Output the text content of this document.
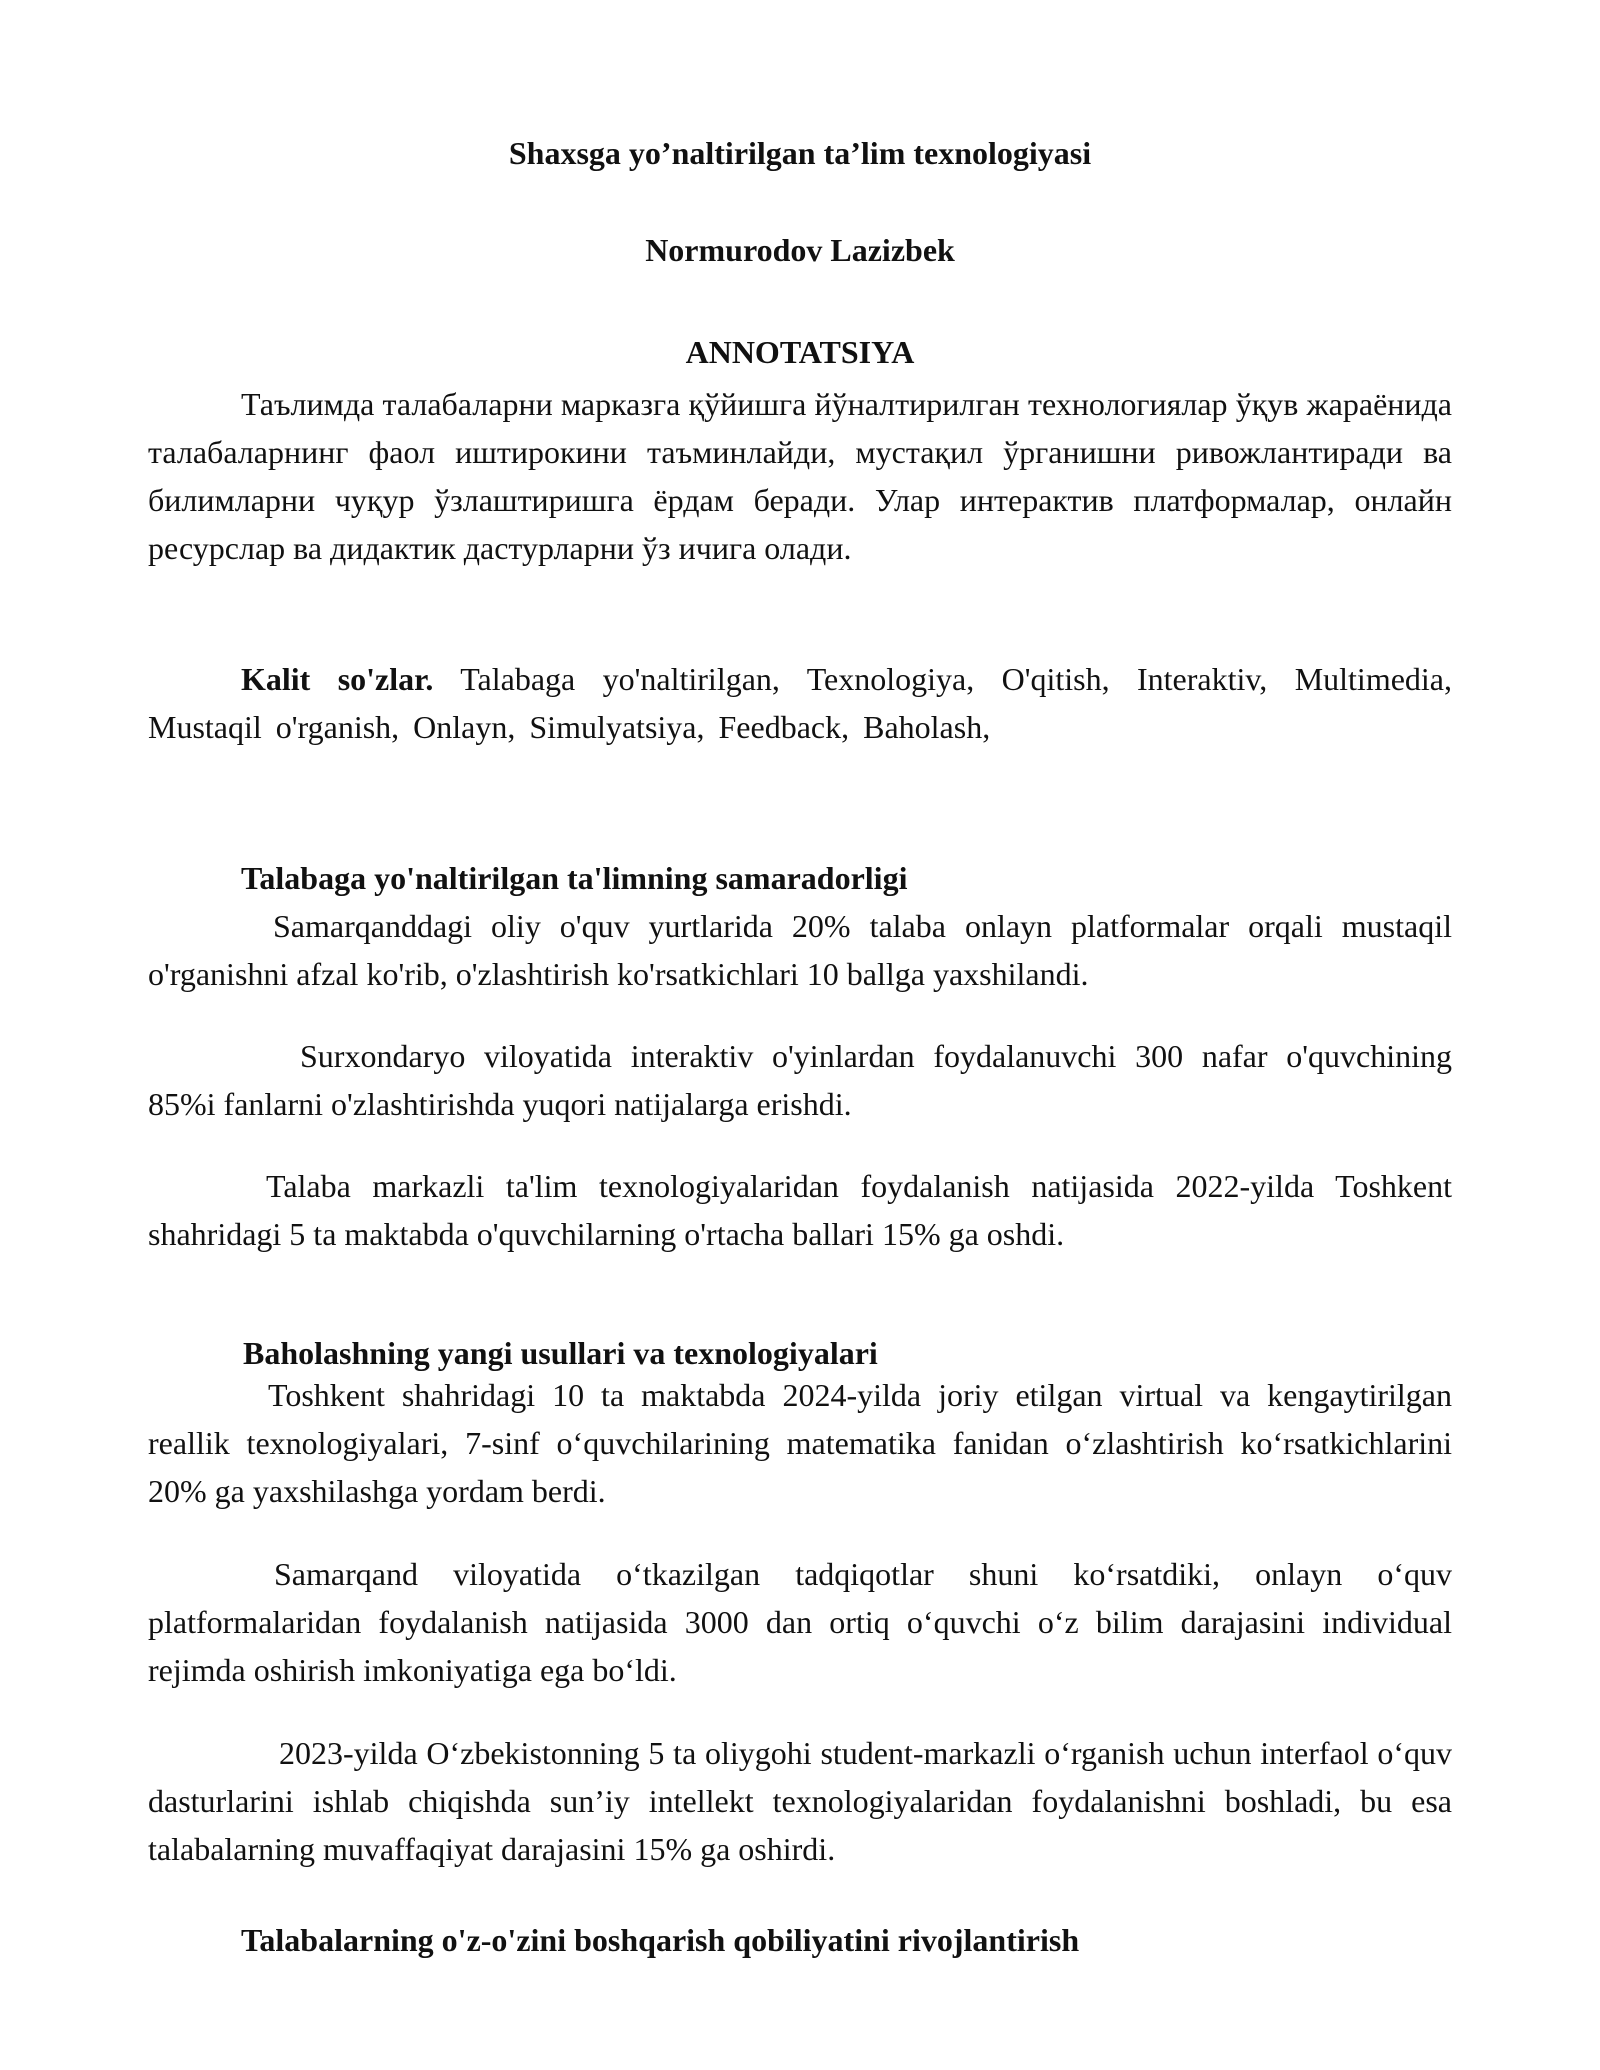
Shaxsga yo’naltirilgan ta’lim texnologiyasi
Normurodov Lazizbek
ANNOTATSIYA
Таълимда талабаларни марказга қўйишга йўналтирилган технологиялар ўқув жараёнида талабаларнинг фаол иштирокини таъминлайди, мустақил ўрганишни ривожлантиради ва билимларни чуқур ўзлаштиришга ёрдам беради. Улар интерактив платформалар, онлайн ресурслар ва дидактик дастурларни ўз ичига олади.
Kalit so'zlar. Talabaga yo'naltirilgan, Texnologiya, O'qitish, Interaktiv, Multimedia, Mustaqil o'rganish, Onlayn, Simulyatsiya, Feedback, Baholash,
Talabaga yo'naltirilgan ta'limning samaradorligi
Samarqanddagi oliy o'quv yurtlarida 20% talaba onlayn platformalar orqali mustaqil o'rganishni afzal ko'rib, o'zlashtirish ko'rsatkichlari 10 ballga yaxshilandi.
Surxondaryo viloyatida interaktiv o'yinlardan foydalanuvchi 300 nafar o'quvchining 85%i fanlarni o'zlashtirishda yuqori natijalarga erishdi.
Talaba markazli ta'lim texnologiyalaridan foydalanish natijasida 2022-yilda Toshkent shahridagi 5 ta maktabda o'quvchilarning o'rtacha ballari 15% ga oshdi.
Baholashning yangi usullari va texnologiyalari
Toshkent shahridagi 10 ta maktabda 2024-yilda joriy etilgan virtual va kengaytirilgan reallik texnologiyalari, 7-sinf o‘quvchilarining matematika fanidan o‘zlashtirish ko‘rsatkichlarini 20% ga yaxshilashga yordam berdi.
Samarqand viloyatida o‘tkazilgan tadqiqotlar shuni ko‘rsatdiki, onlayn o‘quv platformalaridan foydalanish natijasida 3000 dan ortiq o‘quvchi o‘z bilim darajasini individual rejimda oshirish imkoniyatiga ega bo‘ldi.
2023-yilda O‘zbekistonning 5 ta oliygohi student-markazli o‘rganish uchun interfaol o‘quv dasturlarini ishlab chiqishda sun’iy intellekt texnologiyalaridan foydalanishni boshladi, bu esa talabalarning muvaffaqiyat darajasini 15% ga oshirdi.
Talabalarning o'z-o'zini boshqarish qobiliyatini rivojlantirish
